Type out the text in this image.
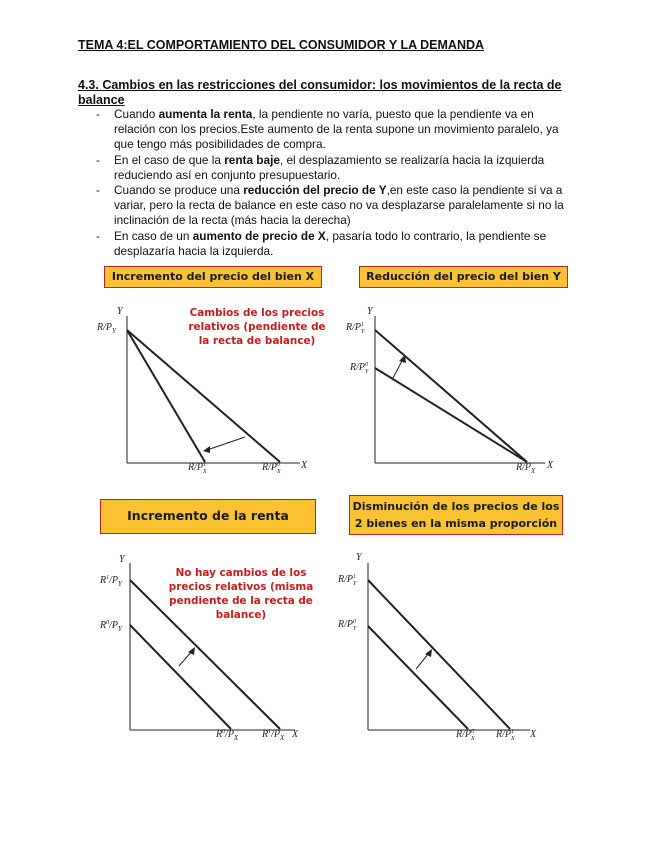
TEMA 4:EL COMPORTAMIENTO DEL CONSUMIDOR Y LA DEMANDA
4.3. Cambios en las restricciones del consumidor: los movimientos de la recta de balance
- Cuando aumenta la renta, la pendiente no varía, puesto que la pendiente va en relación con los precios.Este aumento de la renta supone un movimiento paralelo, ya que tengo más posibilidades de compra.
- En el caso de que la renta baje, el desplazamiento se realizaría hacia la izquierda reduciendo así en conjunto presupuestario.
- Cuando se produce una reducción del precio de Y,en este caso la pendiente sí va a variar, pero la recta de balance en este caso no va desplazarse paralelamente si no la inclinación de la recta (más hacia la derecha)
- En caso de un aumento de precio de X, pasaría todo lo contrario, la pendiente se desplazaría hacia la izquierda.
Incremento del precio del bien X
Cambios de los precios relativos (pendiente de la recta de balance)
Y
X
$R/P_Y$
$R/P^1$ X	$R/P^0$ X
Reducción del precio del bien Y
Y
X
$R/P^1$ Y
$R/P^0$ Y
$R/P_X$
Incremento de la renta
No hay cambios de los precios relativos (misma pendiente de la recta de balance)
Y
X
$R^1/P_Y$
$R^0/P_Y$
$R^0/P_X$ $R^1/P_X$
Disminución de los precios de los 2 bienes en la misma proporción
Y
X
$R/P^1$ Y
$R/P^0$ Y
$R/P^0$ X $R/P^1$ X
